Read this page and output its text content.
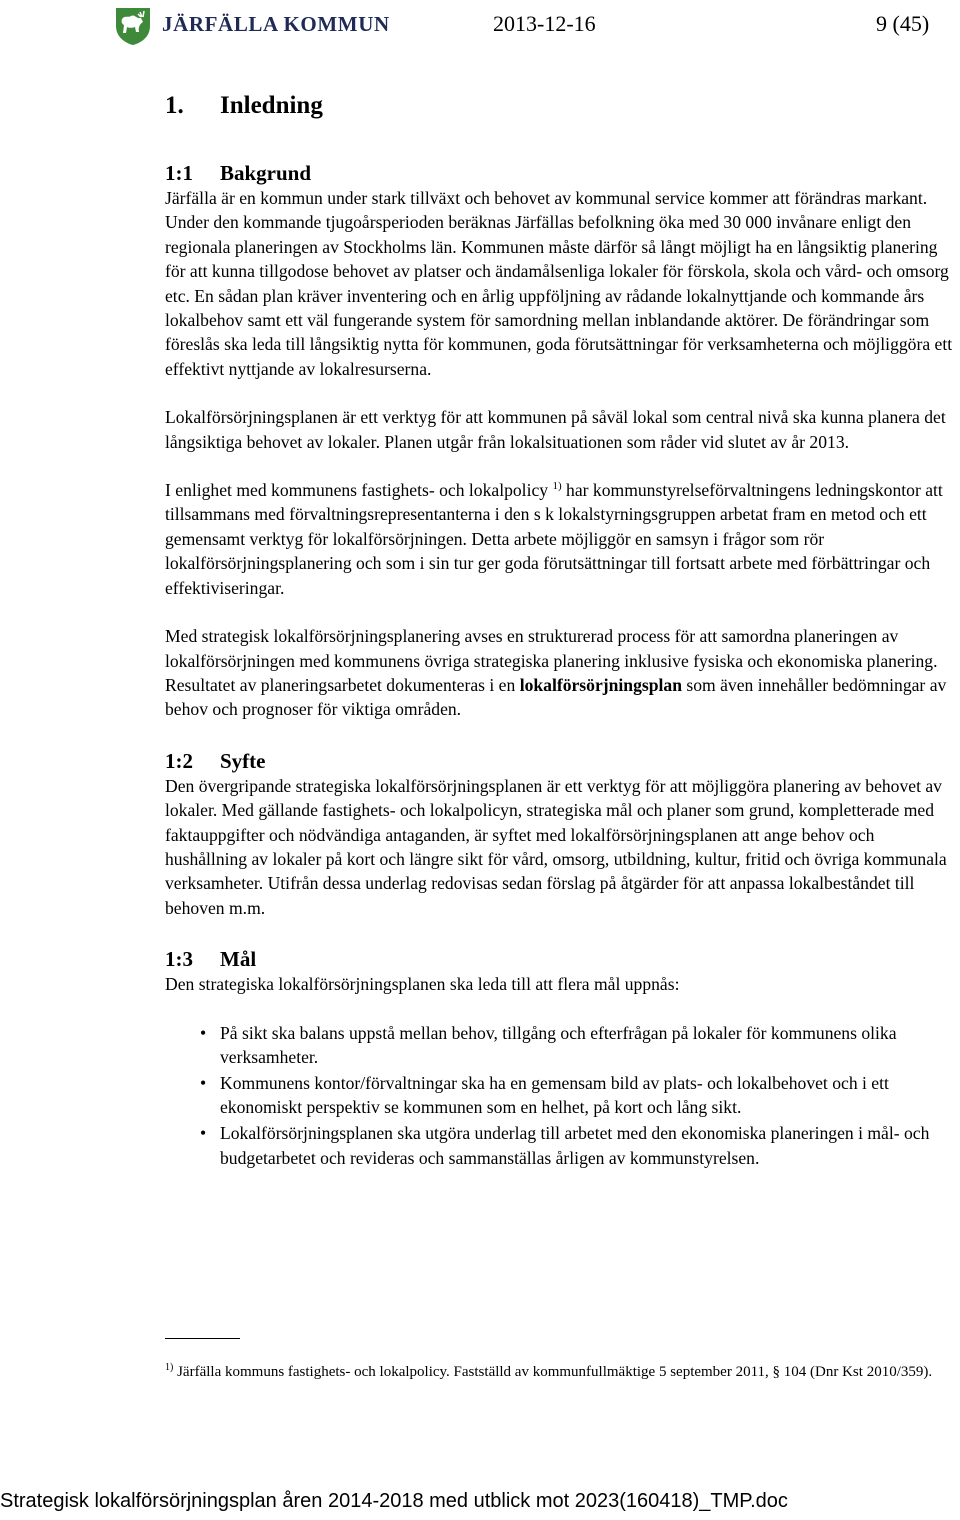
JÄRFÄLLA KOMMUN	2013-12-16	9 (45)
1. Inledning
1:1 Bakgrund

Järfälla är en kommun under stark tillväxt och behovet av kommunal service kommer att förändras markant. Under den kommande tjugoårsperioden beräknas Järfällas befolkning öka med 30 000 invånare enligt den regionala planeringen av Stockholms län. Kommunen måste därför så långt möjligt ha en långsiktig planering för att kunna tillgodose behovet av platser och ändamålsenliga lokaler för förskola, skola och vård- och omsorg etc. En sådan plan kräver inventering och en årlig uppföljning av rådande lokalnyttjande och kommande års lokalbehov samt ett väl fungerande system för samordning mellan inblandande aktörer. De förändringar som föreslås ska leda till långsiktig nytta för kommunen, goda förutsättningar för verksamheterna och möjliggöra ett effektivt nyttjande av lokalresurserna.

Lokalförsörjningsplanen är ett verktyg för att kommunen på såväl lokal som central nivå ska kunna planera det långsiktiga behovet av lokaler. Planen utgår från lokalsituationen som råder vid slutet av år 2013.

I enlighet med kommunens fastighets- och lokalpolicy $^{1)}$ har kommunstyrelseförvaltningens ledningskontor att tillsammans med förvaltningsrepresentanterna i den s k lokalstyrningsgruppen arbetat fram en metod och ett gemensamt verktyg för lokalförsörjningen. Detta arbete möjliggör en samsyn i frågor som rör lokalförsörjningsplanering och som i sin tur ger goda förutsättningar till fortsatt arbete med förbättringar och effektiviseringar.

Med strategisk lokalförsörjningsplanering avses en strukturerad process för att samordna planeringen av lokalförsörjningen med kommunens övriga strategiska planering inklusive fysiska och ekonomiska planering. Resultatet av planeringsarbetet dokumenteras i en lokalförsörjningsplan som även innehåller bedömningar av behov och prognoser för viktiga områden.

1:2 Syfte

Den övergripande strategiska lokalförsörjningsplanen är ett verktyg för att möjliggöra planering av behovet av lokaler. Med gällande fastighets- och lokalpolicyn, strategiska mål och planer som grund, kompletterade med faktauppgifter och nödvändiga antaganden, är syftet med lokalförsörjningsplanen att ange behov och hushållning av lokaler på kort och längre sikt för vård, omsorg, utbildning, kultur, fritid och övriga kommunala verksamheter. Utifrån dessa underlag redovisas sedan förslag på åtgärder för att anpassa lokalbeståndet till behoven m.m.

1:3 Mål

Den strategiska lokalförsörjningsplanen ska leda till att flera mål uppnås:

• På sikt ska balans uppstå mellan behov, tillgång och efterfrågan på lokaler för kommunens olika verksamheter.
• Kommunens kontor/förvaltningar ska ha en gemensam bild av plats- och lokalbehovet och i ett ekonomiskt perspektiv se kommunen som en helhet, på kort och lång sikt.
• Lokalförsörjningsplanen ska utgöra underlag till arbetet med den ekonomiska planeringen i mål- och budgetarbetet och revideras och sammanställas årligen av kommunstyrelsen.
$^{1)}$ Järfälla kommuns fastighets- och lokalpolicy. Fastställd av kommunfullmäktige 5 september 2011, § 104 (Dnr Kst 2010/359).
Strategisk lokalförsörjningsplan åren 2014-2018 med utblick mot 2023(160418)_TMP.doc
